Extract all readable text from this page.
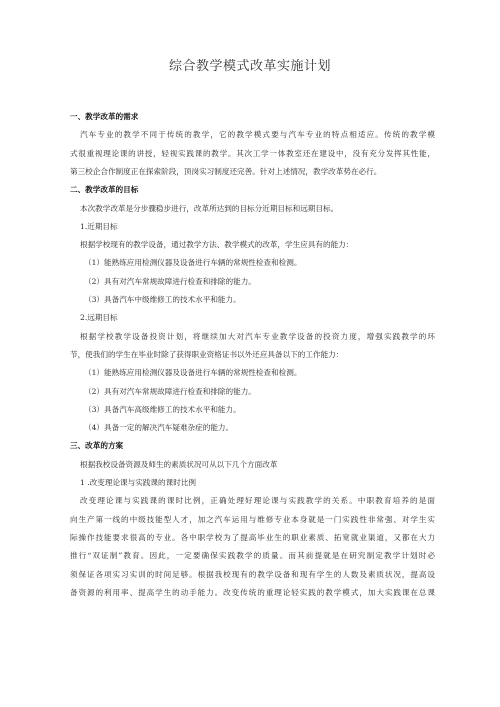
综合教学模式改革实施计划
一、教学改革的需求
汽车专业的教学不同于传统的教学，它的教学模式要与汽车专业的特点相适应。传统的教学模
式很重视理论课的讲授，轻视实践课的教学。其次工学一体教室还在建设中，没有充分发挥其性能，
第三校企合作制度正在探索阶段，顶岗实习制度还完善。针对上述情况，教学改革势在必行。
二、教学改革的目标
本次教学改革是分步骤稳步进行，改革所达到的目标分近期目标和远期目标。
1.近期目标
根据学校现有的教学设备，通过教学方法、教学模式的改革，学生应具有的能力：
（1）能熟练应用检测仪器及设备进行车辆的常规性检查和检测。
（2）具有对汽车常规故障进行检查和排除的能力。
（3）具备汽车中级维修工的技术水平和能力。
2.远期目标
根据学校教学设备投资计划，将继续加大对汽车专业教学设备的投资力度，增强实践教学的环
节，使我们的学生在毕业时除了获得职业资格证书以外还应具备以下的工作能力：
（1）能熟练应用检测仪器及设备进行车辆的常规性检查和检测。
（2）具有对汽车常规故障进行检查和排除的能力。
（3）具备汽车高级维修工的技术水平和能力。
（4）具备一定的解决汽车疑难杂症的能力。
三、改革的方案
根据我校设备资源及师生的素质状况可从以下几个方面改革
1 .改变理论课与实践课的课时比例
改变理论课与实践课的课时比例，正确处理好理论课与实践教学的关系。中职教育培养的是面
向生产第一线的中级技能型人才，加之汽车运用与维修专业本身就是一门实践性非常强、对学生实
际操作技能要求很高的专业。各中职学校为了提高毕业生的职业素质、拓宽就业渠道，又都在大力
推行“双证制”教育。因此，一定要确保实践教学的质量。而其前提就是在研究制定教学计划时必
须保证各项实习实训的时间足够。根据我校现有的教学设备和现有学生的人数及素质状况，提高设
备资源的利用率、提高学生的动手能力。改变传统的重理论轻实践的教学模式，加大实践课在总课
